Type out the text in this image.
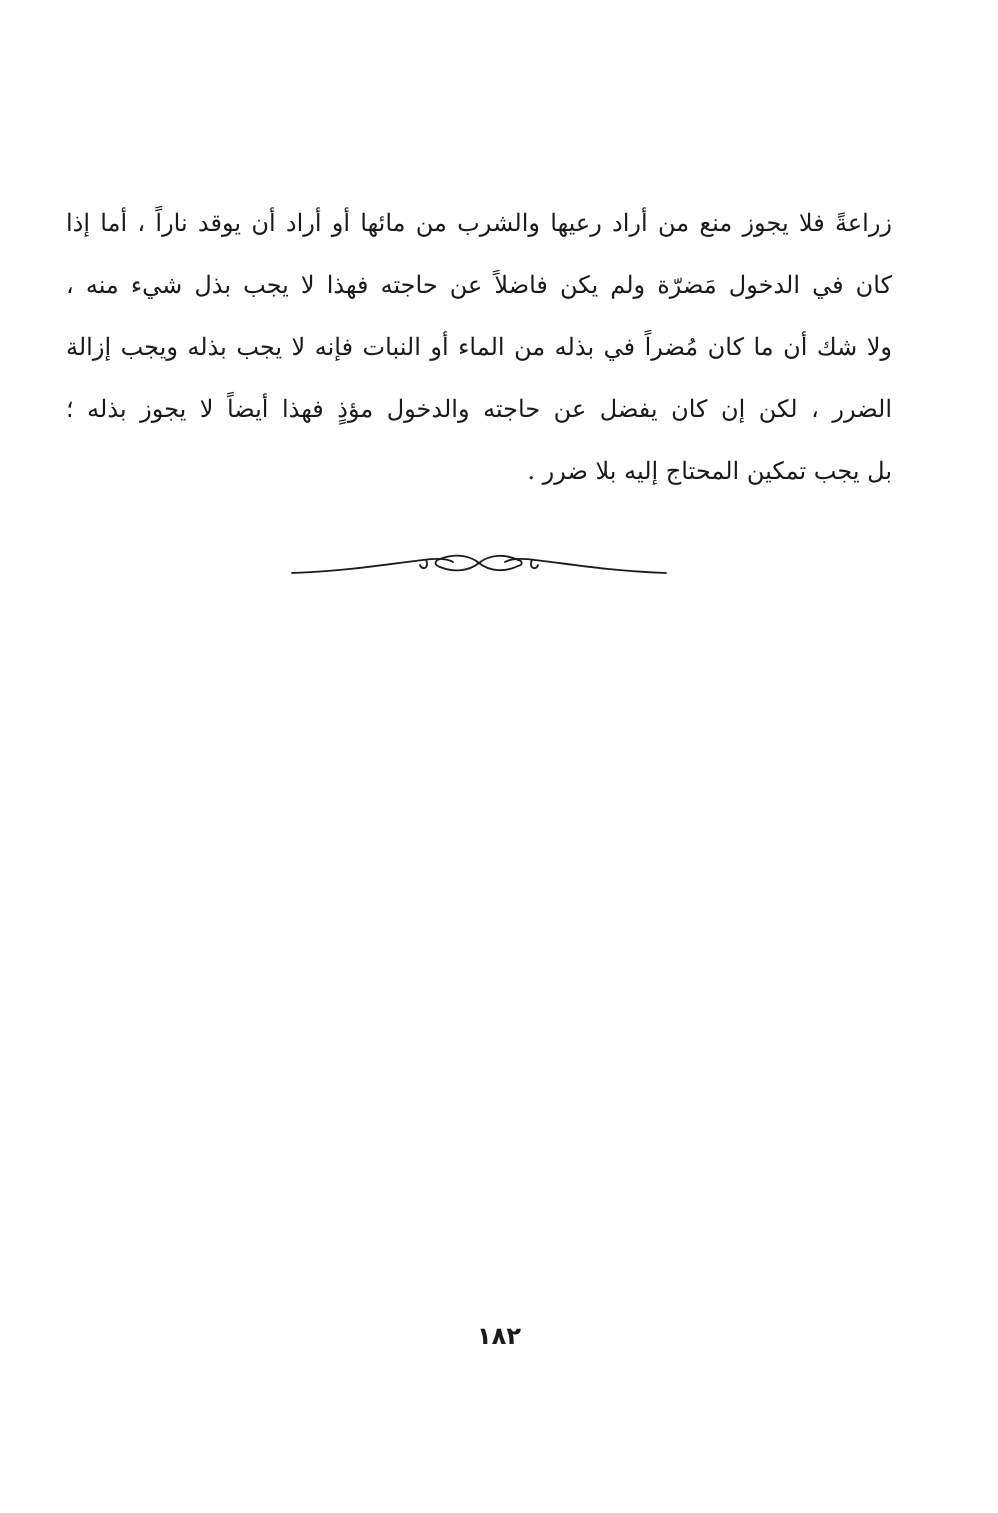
زراعةً فلا يجوز منع من أراد رعيها والشرب من مائها أو أراد أن يوقد ناراً ، أما إذا
كان في الدخول مَضرّة ولم يكن فاضلاً عن حاجته فهذا لا يجب بذل شيء منه ،
ولا شك أن ما كان مُضراً في بذله من الماء أو النبات فإنه لا يجب بذله ويجب إزالة
الضرر ، لكن إن كان يفضل عن حاجته والدخول مؤذٍ فهذا أيضاً لا يجوز بذله ؛
بل يجب تمكين المحتاج إليه بلا ضرر .
١٨٢
